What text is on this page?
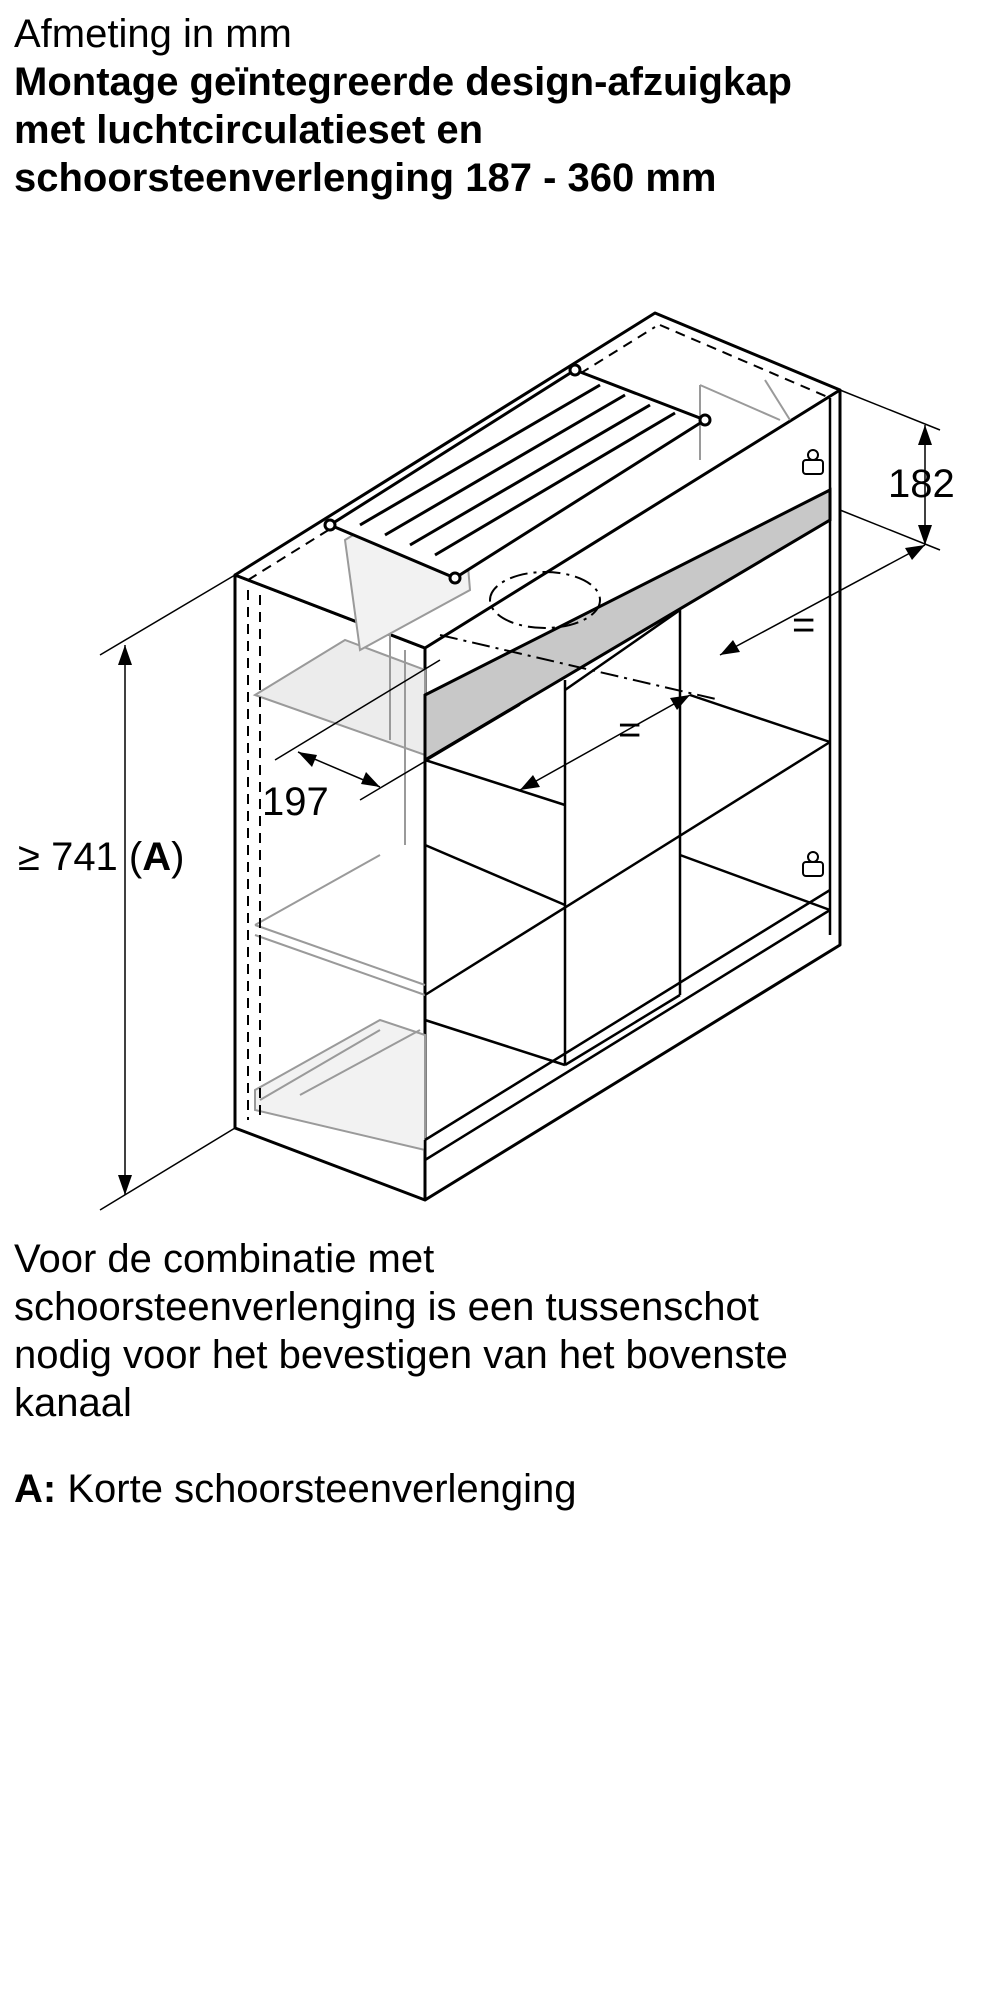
Afmeting in mm

Montage geïntegreerde design-afzuigkap

met luchtcirculatieset en

schoorsteenverlenging 187 - 360 mm

182
=
=
197
≥ 741 (A)
Voor de combinatie met
schoorsteenverlenging is een tussenschot
nodig voor het bevestigen van het bovenste
kanaal

A: Korte schoorsteenverlenging
